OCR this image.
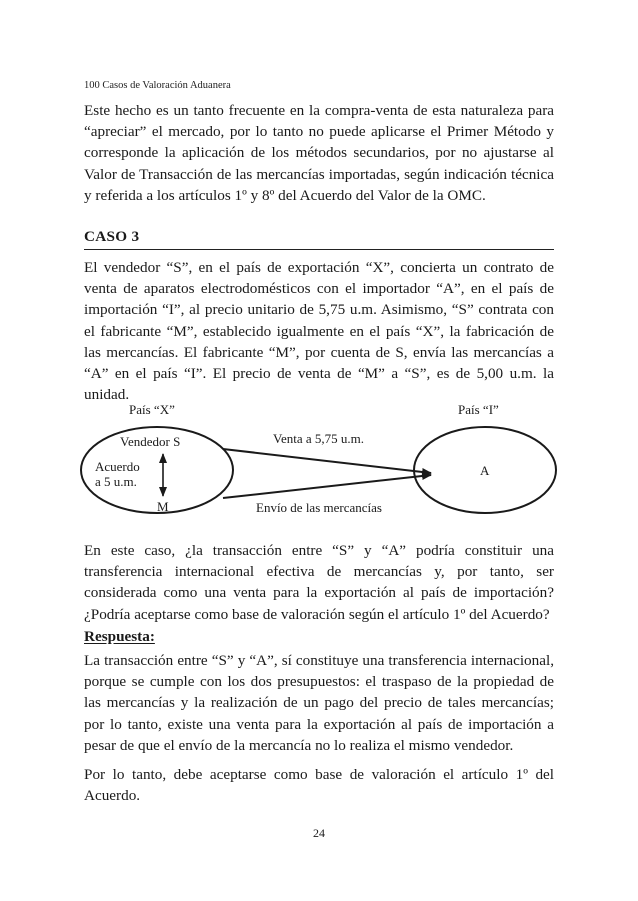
100 Casos de Valoración Aduanera

Este hecho es un tanto frecuente en la compra-venta de esta naturaleza para “apreciar” el mercado, por lo tanto no puede aplicarse el Primer Método y corresponde la aplicación de los métodos secundarios, por no ajustarse al Valor de Transacción de las mercancías importadas, según indicación técnica y referida a los artículos 1º y 8º del Acuerdo del Valor de la OMC.

CASO 3

El vendedor “S”, en el país de exportación “X”, concierta un contrato de venta de aparatos electrodomésticos con el importador “A”, en el país de importación “I”, al precio unitario de 5,75 u.m. Asimismo, “S” contrata con el fabricante “M”, establecido igualmente en el país “X”, la fabricación de las mercancías. El fabricante “M”, por cuenta de S, envía las mercancías a “A” en el país “I”. El precio de venta de “M” a “S”, es de 5,00 u.m. la unidad.

País “X”	País “I”
Vendedor S
Acuerdo
a 5 u.m.
M
Venta a 5,75 u.m.
Envío de las mercancías
A

En este caso, ¿la transacción entre “S” y “A” podría constituir una transferencia internacional efectiva de mercancías y, por tanto, ser considerada como una venta para la exportación al país de importación? ¿Podría aceptarse como base de valoración según el artículo 1º del Acuerdo?

Respuesta:

La transacción entre “S” y “A”, sí constituye una transferencia internacional, porque se cumple con los dos presupuestos: el traspaso de la propiedad de las mercancías y la realización de un pago del precio de tales mercancías; por lo tanto, existe una venta para la exportación al país de importación a pesar de que el envío de la mercancía no lo realiza el mismo vendedor.

Por lo tanto, debe aceptarse como base de valoración el artículo 1º del Acuerdo.

24
